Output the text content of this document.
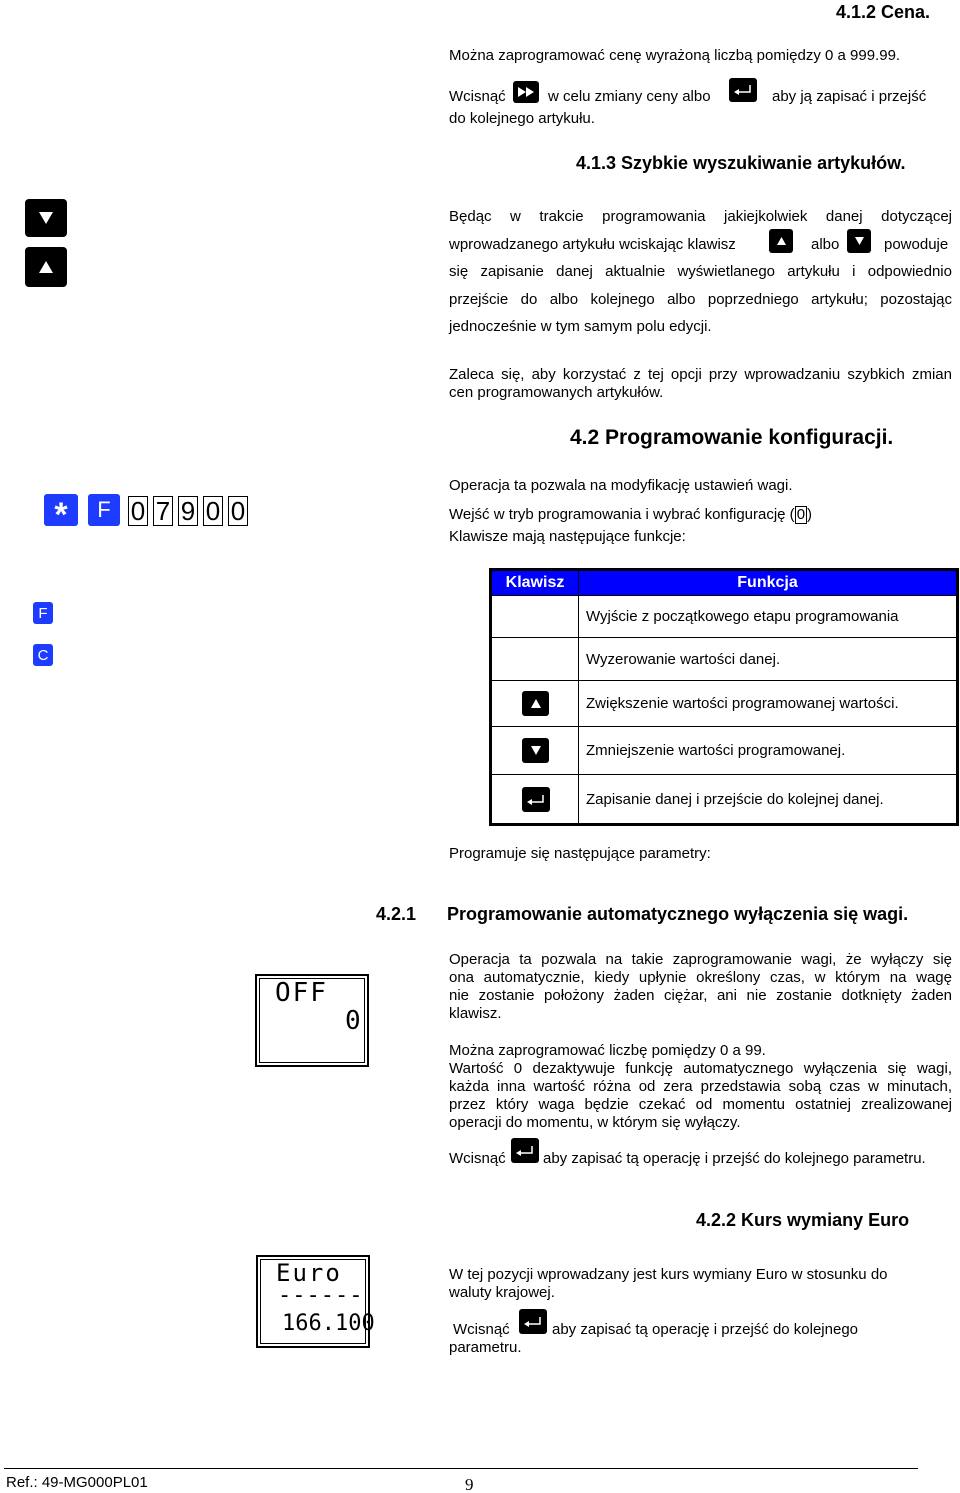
4.1.2 Cena.
Można zaprogramować cenę wyrażoną liczbą pomiędzy 0 a 999.99.
Wcisnąć	w celu zmiany ceny albo	aby ją zapisać i przejść
do kolejnego artykułu.
4.1.3 Szybkie wyszukiwanie artykułów.
Będąc w trakcie programowania jakiejkolwiek danej dotyczącej
wprowadzanego artykułu wciskając klawisz	albo	powoduje
się zapisanie danej aktualnie wyświetlanego artykułu i odpowiednio
przejście do albo kolejnego albo poprzedniego artykułu; pozostając
jednocześnie w tym samym polu edycji.
Zaleca się, aby korzystać z tej opcji przy wprowadzaniu szybkich zmian
cen programowanych artykułów.
4.2 Programowanie konfiguracji.
Operacja ta pozwala na modyfikację ustawień wagi.
Wejść w tryb programowania i wybrać konfigurację ( 0 )
Klawisze mają następujące funkcje:
*	F 0 7 9 0 0
F
C
Klawisz	Funkcja
	Wyjście z początkowego etapu programowania
	Wyzerowanie wartości danej.

	Zwiększenie wartości programowanej wartości.

	Zmniejszenie wartości programowanej.

	Zapisanie danej i przejście do kolejnej danej.
Programuje się następujące parametry:
4.2.1 Programowanie automatycznego wyłączenia się wagi.
OFF
0
Operacja ta pozwala na takie zaprogramowanie wagi, że wyłączy się
ona automatycznie, kiedy upłynie określony czas, w którym na wagę
nie zostanie położony żaden ciężar, ani nie zostanie dotknięty żaden
klawisz.
Można zaprogramować liczbę pomiędzy 0 a 99.
Wartość 0 dezaktywuje funkcję automatycznego wyłączenia się wagi,
każda inna wartość różna od zera przedstawia sobą czas w minutach,
przez który waga będzie czekać od momentu ostatniej zrealizowanej
operacji do momentu, w którym się wyłączy.
Wcisnąć aby zapisać tą operację i przejść do kolejnego parametru.
4.2.2 Kurs wymiany Euro
Euro
------
166.100
W tej pozycji wprowadzany jest kurs wymiany Euro w stosunku do
waluty krajowej.
Wcisnąć	aby zapisać tą operację i przejść do kolejnego
parametru.
Ref.: 49-MG000PL01	9
